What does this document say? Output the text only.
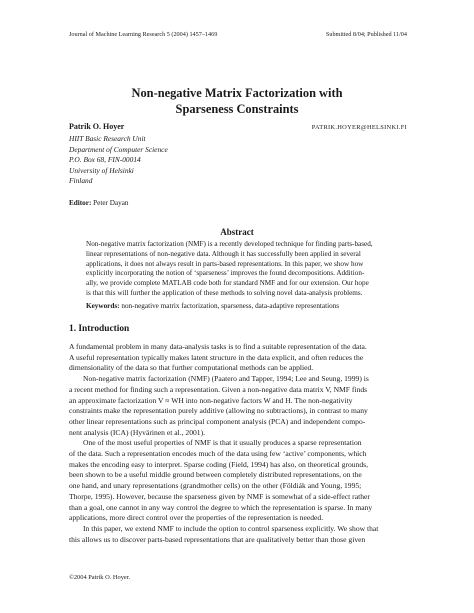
Journal of Machine Learning Research 5 (2004) 1457–1469	Submitted 8/04; Published 11/04
Non-negative Matrix Factorization with
Sparseness Constraints
Patrik O. Hoyer	PATRIK.HOYER@HELSINKI.FI
HIIT Basic Research Unit
Department of Computer Science
P.O. Box 68, FIN-00014
University of Helsinki
Finland
Editor: Peter Dayan
Abstract
Non-negative matrix factorization (NMF) is a recently developed technique for finding parts-based,
linear representations of non-negative data. Although it has successfully been applied in several
applications, it does not always result in parts-based representations. In this paper, we show how
explicitly incorporating the notion of ‘sparseness’ improves the found decompositions. Addition-
ally, we provide complete MATLAB code both for standard NMF and for our extension. Our hope
is that this will further the application of these methods to solving novel data-analysis problems.
Keywords: non-negative matrix factorization, sparseness, data-adaptive representations
1. Introduction
A fundamental problem in many data-analysis tasks is to find a suitable representation of the data.
A useful representation typically makes latent structure in the data explicit, and often reduces the
dimensionality of the data so that further computational methods can be applied.
Non-negative matrix factorization (NMF) (Paatero and Tapper, 1994; Lee and Seung, 1999) is
a recent method for finding such a representation. Given a non-negative data matrix V, NMF finds
an approximate factorization V ≈ WH into non-negative factors W and H. The non-negativity
constraints make the representation purely additive (allowing no subtractions), in contrast to many
other linear representations such as principal component analysis (PCA) and independent compo-
nent analysis (ICA) (Hyvärinen et al., 2001).
One of the most useful properties of NMF is that it usually produces a sparse representation
of the data. Such a representation encodes much of the data using few ‘active’ components, which
makes the encoding easy to interpret. Sparse coding (Field, 1994) has also, on theoretical grounds,
been shown to be a useful middle ground between completely distributed representations, on the
one hand, and unary representations (grandmother cells) on the other (Földiák and Young, 1995;
Thorpe, 1995). However, because the sparseness given by NMF is somewhat of a side-effect rather
than a goal, one cannot in any way control the degree to which the representation is sparse. In many
applications, more direct control over the properties of the representation is needed.
In this paper, we extend NMF to include the option to control sparseness explicitly. We show that
this allows us to discover parts-based representations that are qualitatively better than those given
©2004 Patrik O. Hoyer.
